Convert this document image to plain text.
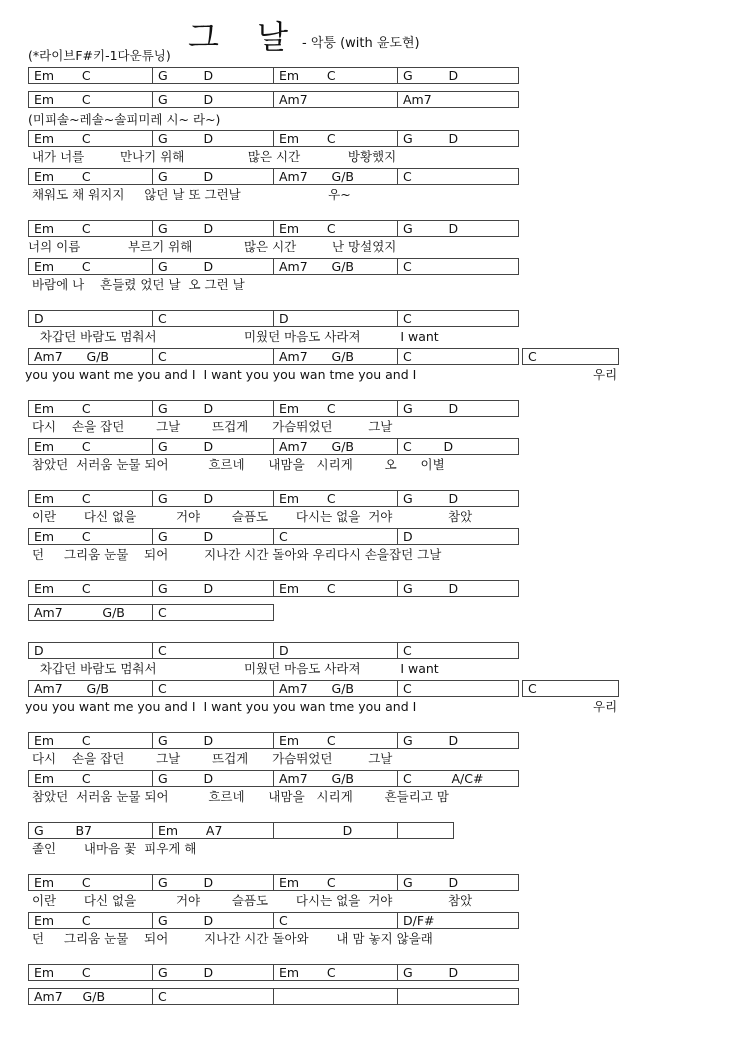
그 날 - 악퉁 (with 윤도현)
(*라이브F#키-1다운튜닝)
Em       C	G         D	Em       C	G         D
Em       C	G         D	Am7	Am7
(미피솔~레솔~솔피미레 시~ 라~)
Em       C	G         D	Em       C	G         D
내가 너를         만나기 위해                많은 시간            방황했지
Em       C	G         D	Am7      G/B	C
채워도 채 워지지     않던 날 또 그런날                      우~
Em       C	G         D	Em       C	G         D
너의 이름            부르기 위해             많은 시간         난 망설였지
Em       C	G         D	Am7      G/B	C
바람에 나    흔들렸 었던 날  오 그런 날
D	C	D	C
차갑던 바람도 멈춰서                      미웠던 마음도 사라져          I want
Am7      G/B	C	Am7      G/B	C	C
you you want me you and I  I want you you wan tme you and I	우리
Em       C	G         D	Em       C	G         D
다시    손을 잡던        그날        뜨겁게      가슴뛰었던         그날
Em       C	G         D	Am7      G/B	C        D
참았던  서러움 눈물 되어          흐르네      내맘을   시리게        오      이별
Em       C	G         D	Em       C	G         D
이란       다신 없을          거야        슬픔도       다시는 없을  거야              참았
Em       C	G         D	C	D
던     그리움 눈물    되어         지나간 시간 돌아와 우리다시 손을잡던 그날
Em       C	G         D	Em       C	G         D
Am7          G/B	C
D	C	D	C
차갑던 바람도 멈춰서                      미웠던 마음도 사라져          I want
Am7      G/B	C	Am7      G/B	C	C
you you want me you and I  I want you you wan tme you and I	우리
Em       C	G         D	Em       C	G         D
다시    손을 잡던        그날        뜨겁게      가슴뛰었던         그날
Em       C	G         D	Am7      G/B	C          A/C#
참았던  서러움 눈물 되어          흐르네      내맘을   시리게        흔들리고 맘
G        B7	Em       A7	D
졸인       내마음 꽃  피우게 해
Em       C	G         D	Em       C	G         D
이란       다신 없을          거야        슬픔도       다시는 없을  거야              참았
Em       C	G         D	C	D/F#
던     그리움 눈물    되어         지나간 시간 돌아와       내 맘 놓지 않을래
Em       C	G         D	Em       C	G         D
Am7     G/B	C
